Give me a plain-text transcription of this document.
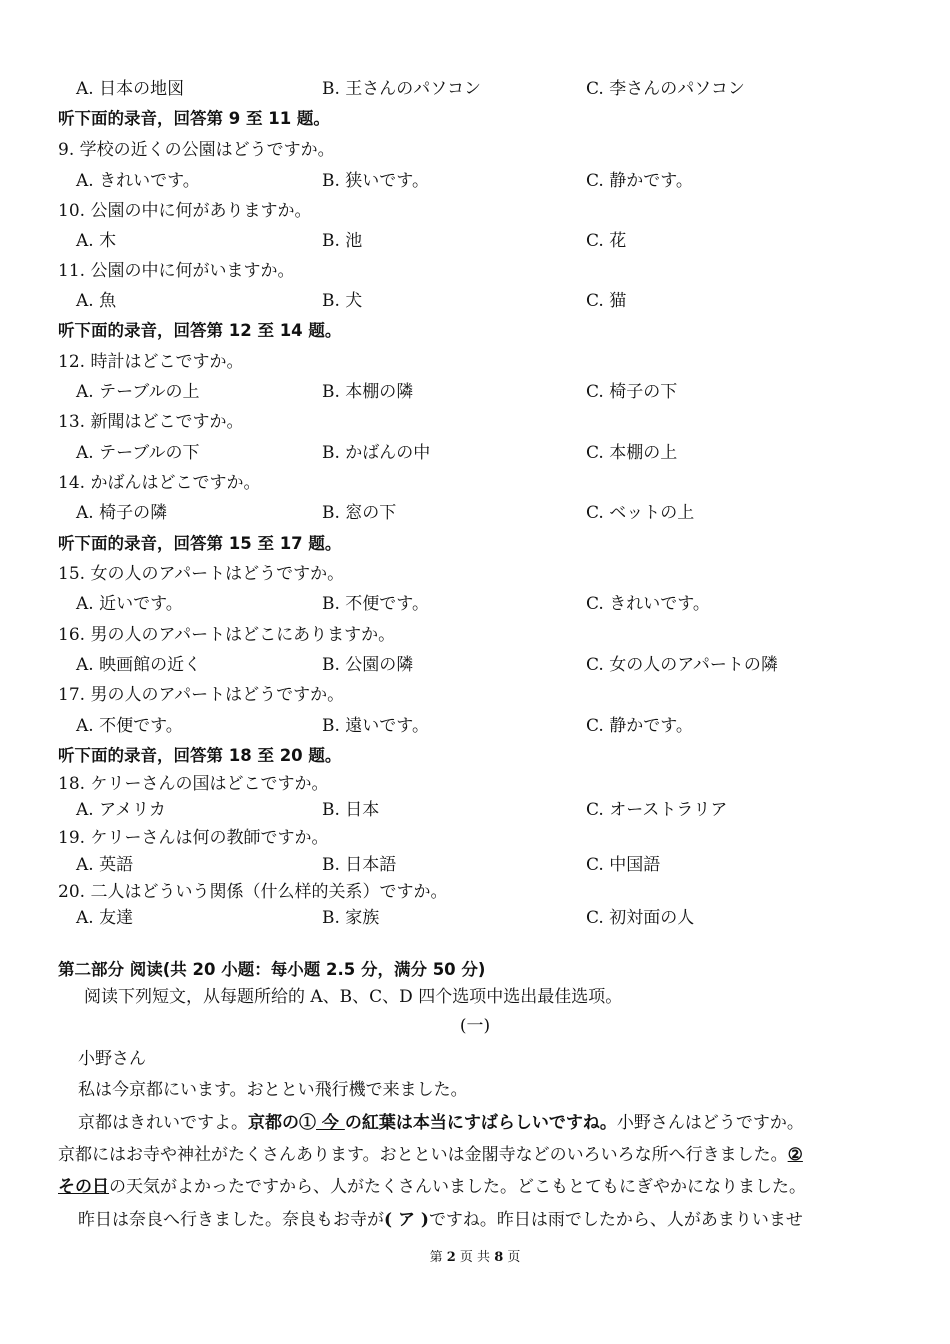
A. 日本の地図	B. 王さんのパソコン	C. 李さんのパソコン
听下面的录音，回答第 9 至 11 题。
9. 学校の近くの公園はどうですか。
A. きれいです。	B. 狭いです。	C. 静かです。
10. 公園の中に何がありますか。
A. 木	B. 池	C. 花
11. 公園の中に何がいますか。
A. 魚	B. 犬	C. 猫
听下面的录音，回答第 12 至 14 题。
12. 時計はどこですか。
A. テーブルの上	B. 本棚の隣	C. 椅子の下
13. 新聞はどこですか。
A. テーブルの下	B. かばんの中	C. 本棚の上
14. かばんはどこですか。
A. 椅子の隣	B. 窓の下	C. ベットの上
听下面的录音，回答第 15 至 17 题。
15. 女の人のアパートはどうですか。
A. 近いです。	B. 不便です。	C. きれいです。
16. 男の人のアパートはどこにありますか。
A. 映画館の近く	B. 公園の隣	C. 女の人のアパートの隣
17. 男の人のアパートはどうですか。
A. 不便です。	B. 遠いです。	C. 静かです。
听下面的录音，回答第 18 至 20 题。
18. ケリーさんの国はどこですか。
A. アメリカ	B. 日本	C. オーストラリア
19. ケリーさんは何の教師ですか。
A. 英語	B. 日本語	C. 中国語
20. 二人はどういう関係（什么样的关系）ですか。
A. 友達	B. 家族	C. 初対面の人
第二部分 阅读(共 20 小题：每小题 2.5 分，满分 50 分)
阅读下列短文，从每题所给的 A、B、C、D 四个选项中选出最佳选项。
(一)
小野さん
私は今京都にいます。おととい飛行機で来ました。
京都はきれいですよ。京都の① 今 の紅葉は本当にすばらしいですね。小野さんはどうですか。
京都にはお寺や神社がたくさんあります。おとといは金閣寺などのいろいろな所へ行きました。②
その日の天気がよかったですから、人がたくさんいました。どこもとてもにぎやかになりました。
昨日は奈良へ行きました。奈良もお寺が( ア )ですね。昨日は雨でしたから、人があまりいませ
第 2 页 共 8 页
